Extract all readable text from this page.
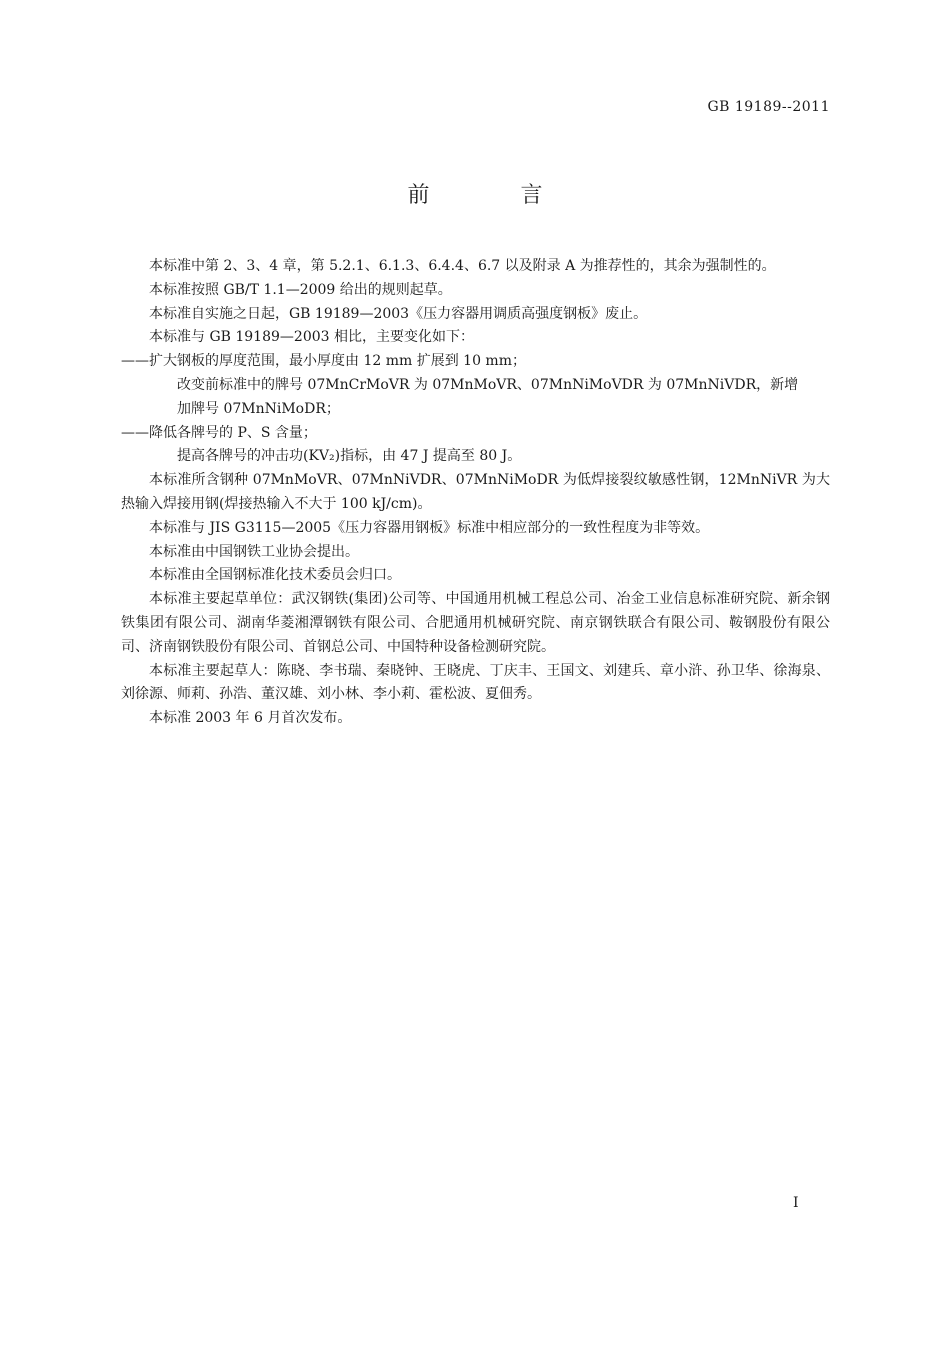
GB 19189--2011
前 言

本标准中第 2、3、4 章，第 5.2.1、6.1.3、6.4.4、6.7 以及附录 A 为推荐性的，其余为强制性的。

本标准按照 GB/T 1.1—2009 给出的规则起草。

本标准自实施之日起，GB 19189—2003《压力容器用调质高强度钢板》废止。

本标准与 GB 19189—2003 相比，主要变化如下：

——扩大钢板的厚度范围，最小厚度由 12 mm 扩展到 10 mm；

改变前标准中的牌号 07MnCrMoVR 为 07MnMoVR、07MnNiMoVDR 为 07MnNiVDR，新增

加牌号 07MnNiMoDR；

——降低各牌号的 P、S 含量；

提高各牌号的冲击功(KV₂)指标，由 47 J 提高至 80 J。

本标准所含钢种 07MnMoVR、07MnNiVDR、07MnNiMoDR 为低焊接裂纹敏感性钢，12MnNiVR 为大热输入焊接用钢(焊接热输入不大于 100 kJ/cm)。

本标准与 JIS G3115—2005《压力容器用钢板》标准中相应部分的一致性程度为非等效。

本标准由中国钢铁工业协会提出。

本标准由全国钢标准化技术委员会归口。

本标准主要起草单位：武汉钢铁(集团)公司等、中国通用机械工程总公司、冶金工业信息标准研究院、新余钢铁集团有限公司、湖南华菱湘潭钢铁有限公司、合肥通用机械研究院、南京钢铁联合有限公司、鞍钢股份有限公司、济南钢铁股份有限公司、首钢总公司、中国特种设备检测研究院。

本标准主要起草人：陈晓、李书瑞、秦晓钟、王晓虎、丁庆丰、王国文、刘建兵、章小浒、孙卫华、徐海泉、刘徐源、师莉、孙浩、董汉雄、刘小林、李小莉、霍松波、夏佃秀。

本标准 2003 年 6 月首次发布。

I
